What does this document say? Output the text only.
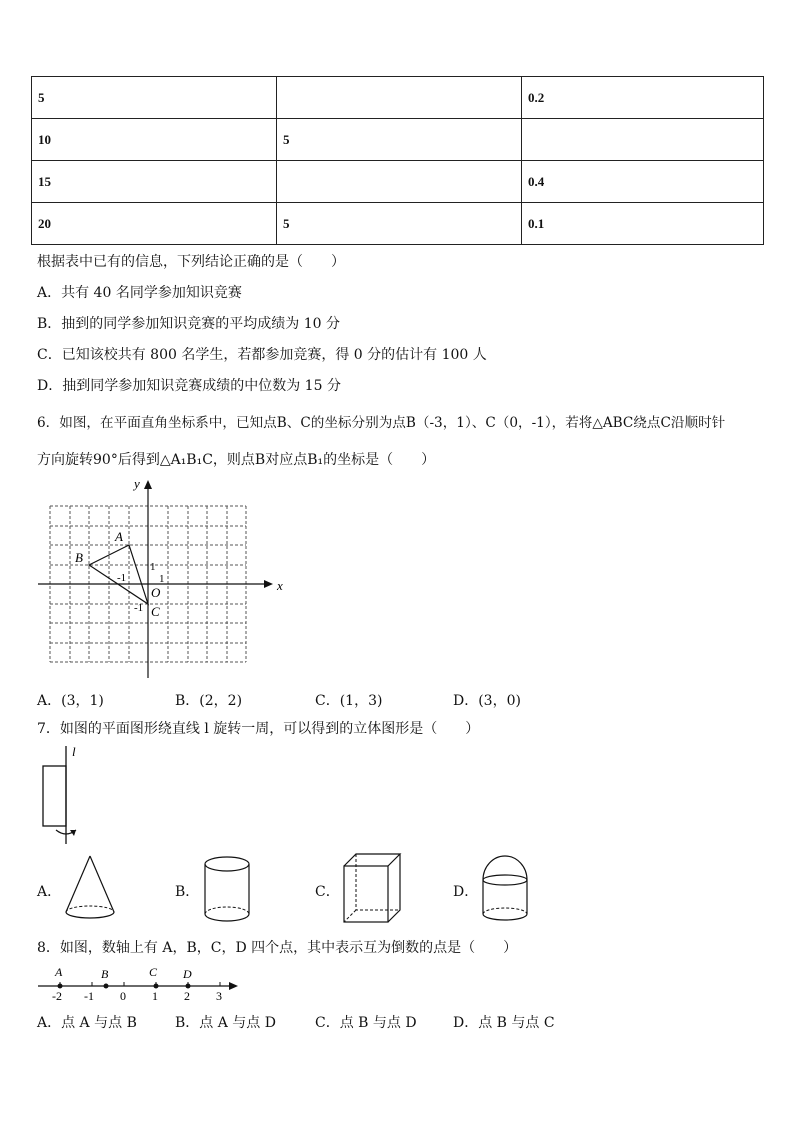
5		0.2
10	5	
15		0.4
20	5	0.1
根据表中已有的信息，下列结论正确的是（　　）
A．共有 40 名同学参加知识竞赛
B．抽到的同学参加知识竞赛的平均成绩为 10 分
C．已知该校共有 800 名学生，若都参加竞赛，得 0 分的估计有 100 人
D．抽到同学参加知识竞赛成绩的中位数为 15 分
6．如图，在平面直角坐标系中，已知点B、C的坐标分别为点B（-3，1）、C（0，-1），若将△ABC绕点C沿顺时针
方向旋转90°后得到△A₁B₁C，则点B对应点B₁的坐标是（　　）
x
y
A
B
C
O
1
1
-1
-1
A．(3，1)	B．(2，2)	C．(1，3)	D．(3，0)
7．如图的平面图形绕直线 l 旋转一周，可以得到的立体图形是（　　）
l
A．	B．	C．	D．
8．如图，数轴上有 A，B，C，D 四个点，其中表示互为倒数的点是（　　）
A	B	C D
-2 -1 0 1 2 3
A．点 A 与点 B	B．点 A 与点 D	C．点 B 与点 D	D．点 B 与点 C
